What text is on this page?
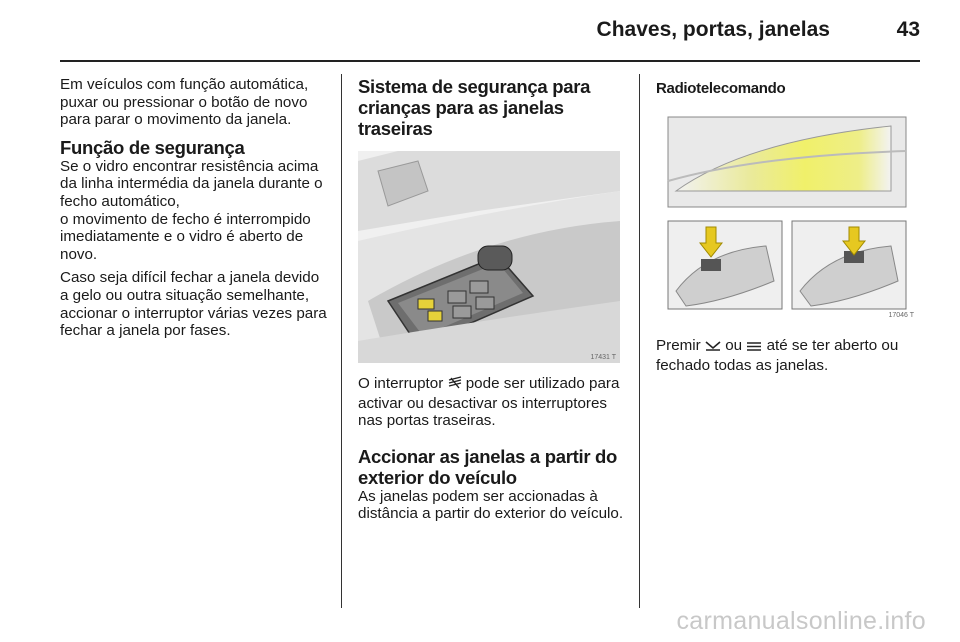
Chaves, portas, janelas	43

Em veículos com função automática, puxar ou pressionar o botão de novo para parar o movimento da janela.

Função de segurança

Se o vidro encontrar resistência acima da linha intermédia da janela durante o fecho automático,

o movimento de fecho é interrompido imediatamente e o vidro é aberto de novo.

Caso seja difícil fechar a janela devido a gelo ou outra situação semelhante, accionar o interruptor várias vezes para fechar a janela por fases.

Sistema de segurança para crianças para as janelas traseiras
17431 T

O interruptor pode ser utilizado para activar ou desactivar os interruptores nas portas traseiras.

Accionar as janelas a partir do exterior do veículo

As janelas podem ser accionadas à distância a partir do exterior do veículo.

Radiotelecomando
17046 T

Premir ou até se ter aberto ou fechado todas as janelas.

carmanualsonline.info
